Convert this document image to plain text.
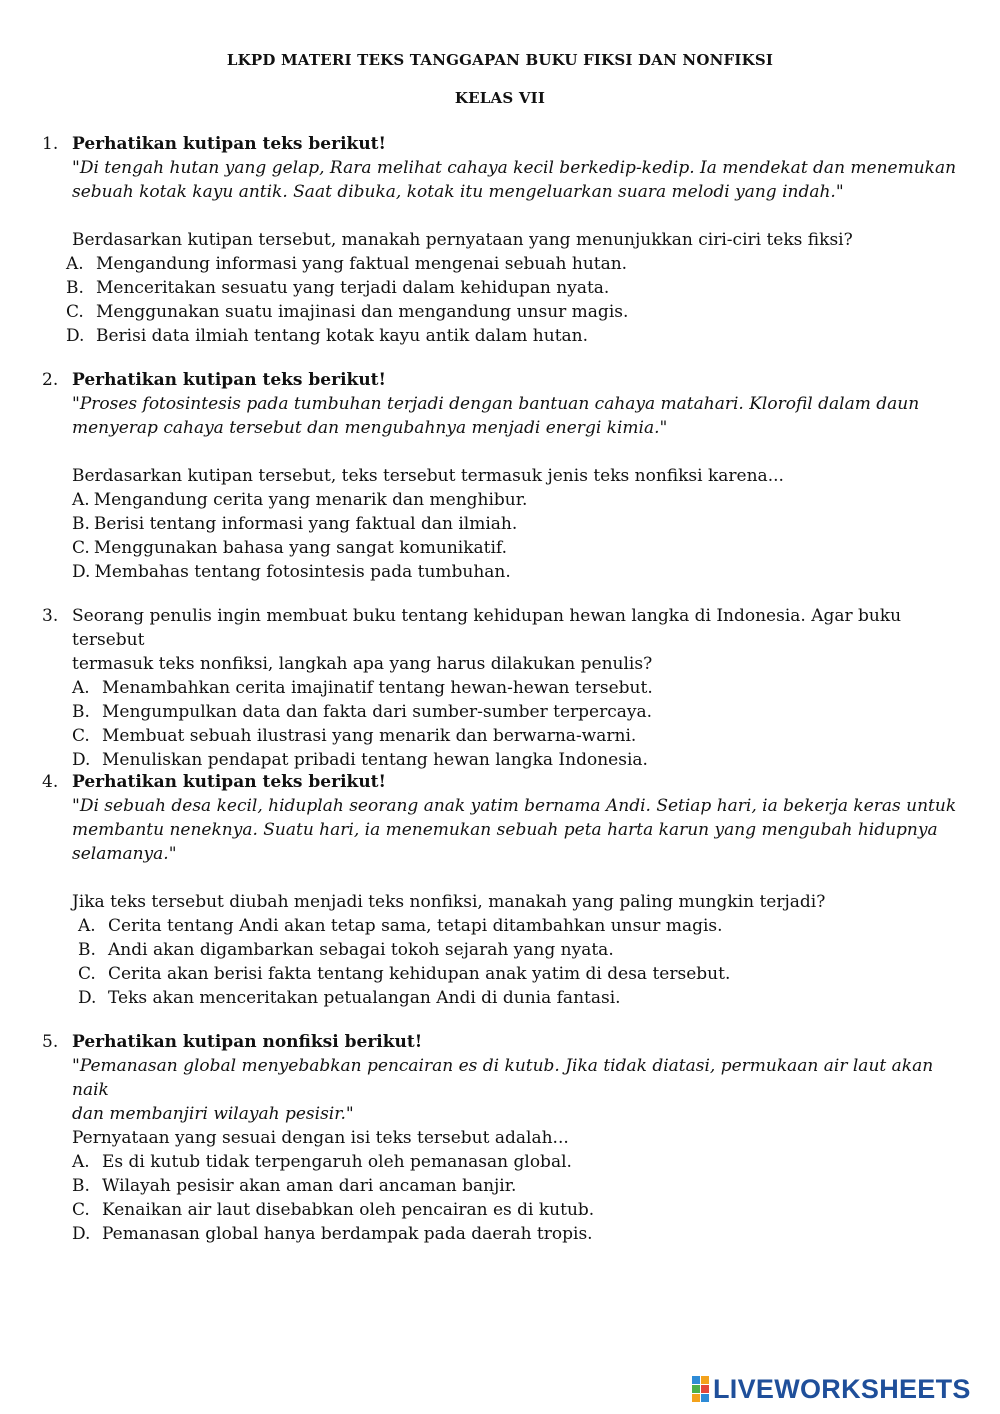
LKPD MATERI TEKS TANGGAPAN BUKU FIKSI DAN NONFIKSI
KELAS VII
1. Perhatikan kutipan teks berikut!
"Di tengah hutan yang gelap, Rara melihat cahaya kecil berkedip-kedip. Ia mendekat dan menemukan
sebuah kotak kayu antik. Saat dibuka, kotak itu mengeluarkan suara melodi yang indah."
Berdasarkan kutipan tersebut, manakah pernyataan yang menunjukkan ciri-ciri teks fiksi?
A. Mengandung informasi yang faktual mengenai sebuah hutan.
B. Menceritakan sesuatu yang terjadi dalam kehidupan nyata.
C. Menggunakan suatu imajinasi dan mengandung unsur magis.
D. Berisi data ilmiah tentang kotak kayu antik dalam hutan.
2. Perhatikan kutipan teks berikut!
"Proses fotosintesis pada tumbuhan terjadi dengan bantuan cahaya matahari. Klorofil dalam daun
menyerap cahaya tersebut dan mengubahnya menjadi energi kimia."
Berdasarkan kutipan tersebut, teks tersebut termasuk jenis teks nonfiksi karena...
A. Mengandung cerita yang menarik dan menghibur.
B. Berisi tentang informasi yang faktual dan ilmiah.
C. Menggunakan bahasa yang sangat komunikatif.
D. Membahas tentang fotosintesis pada tumbuhan.
3. Seorang penulis ingin membuat buku tentang kehidupan hewan langka di Indonesia. Agar buku tersebut
termasuk teks nonfiksi, langkah apa yang harus dilakukan penulis?
A. Menambahkan cerita imajinatif tentang hewan-hewan tersebut.
B. Mengumpulkan data dan fakta dari sumber-sumber terpercaya.
C. Membuat sebuah ilustrasi yang menarik dan berwarna-warni.
D. Menuliskan pendapat pribadi tentang hewan langka Indonesia.
4. Perhatikan kutipan teks berikut!
"Di sebuah desa kecil, hiduplah seorang anak yatim bernama Andi. Setiap hari, ia bekerja keras untuk
membantu neneknya. Suatu hari, ia menemukan sebuah peta harta karun yang mengubah hidupnya
selamanya."
Jika teks tersebut diubah menjadi teks nonfiksi, manakah yang paling mungkin terjadi?
A. Cerita tentang Andi akan tetap sama, tetapi ditambahkan unsur magis.
B. Andi akan digambarkan sebagai tokoh sejarah yang nyata.
C. Cerita akan berisi fakta tentang kehidupan anak yatim di desa tersebut.
D. Teks akan menceritakan petualangan Andi di dunia fantasi.
5. Perhatikan kutipan nonfiksi berikut!
"Pemanasan global menyebabkan pencairan es di kutub. Jika tidak diatasi, permukaan air laut akan naik
dan membanjiri wilayah pesisir."
Pernyataan yang sesuai dengan isi teks tersebut adalah...
A. Es di kutub tidak terpengaruh oleh pemanasan global.
B. Wilayah pesisir akan aman dari ancaman banjir.
C. Kenaikan air laut disebabkan oleh pencairan es di kutub.
D. Pemanasan global hanya berdampak pada daerah tropis.
LIVEWORKSHEETS
